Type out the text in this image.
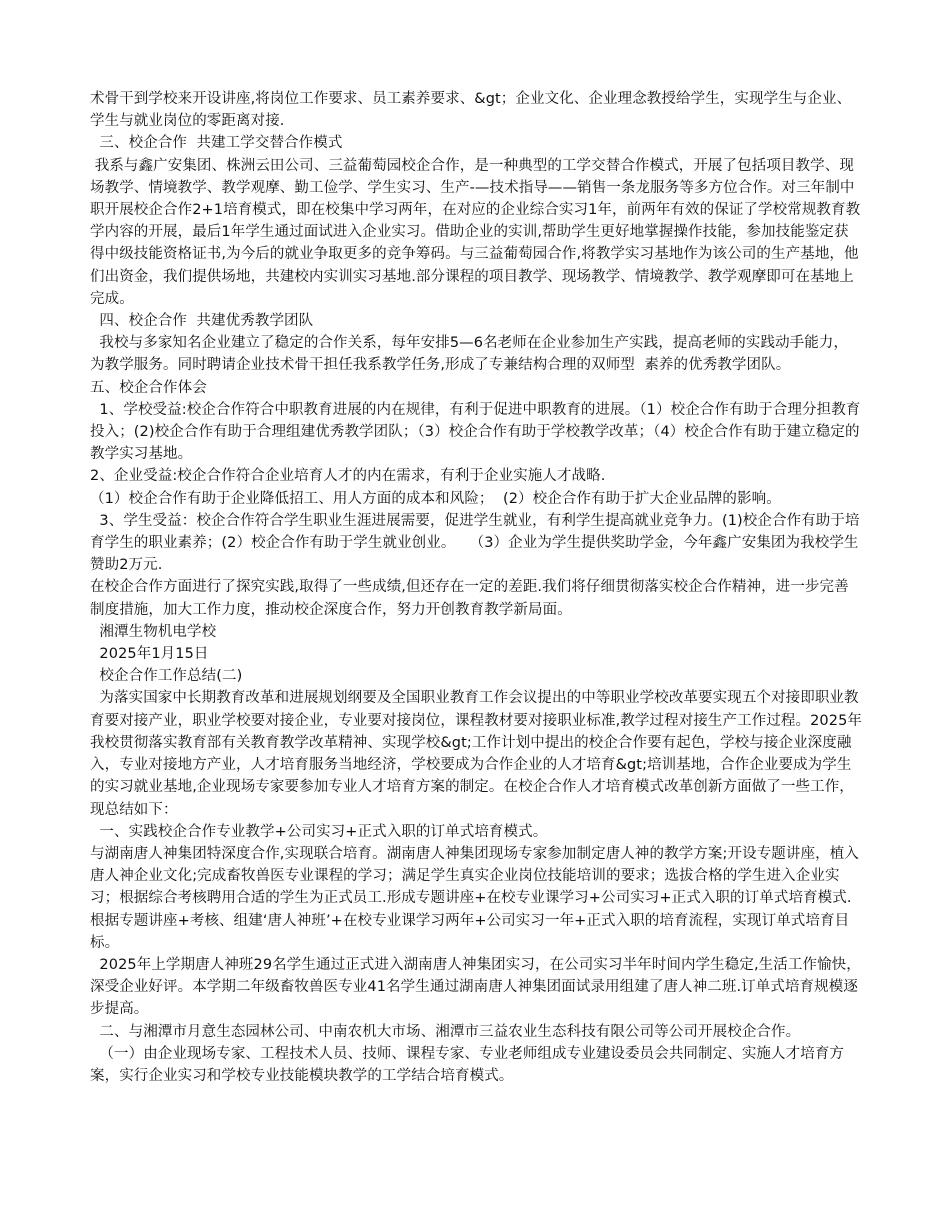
术骨干到学校来开设讲座,将岗位工作要求、员工素养要求、&gt；企业文化、企业理念教授给学生，实现学生与企业、学生与就业岗位的零距离对接.

三、校企合作  共建工学交替合作模式

我系与鑫广安集团、株洲云田公司、三益葡萄园校企合作，是一种典型的工学交替合作模式，开展了包括项目教学、现场教学、情境教学、教学观摩、勤工俭学、学生实习、生产-—技术指导——销售一条龙服务等多方位合作。对三年制中职开展校企合作2+1培育模式，即在校集中学习两年，在对应的企业综合实习1年，前两年有效的保证了学校常规教育教学内容的开展，最后1年学生通过面试进入企业实习。借助企业的实训,帮助学生更好地掌握操作技能，参加技能鉴定获得中级技能资格证书,为今后的就业争取更多的竞争筹码。与三益葡萄园合作,将教学实习基地作为该公司的生产基地，他们出资金，我们提供场地，共建校内实训实习基地.部分课程的项目教学、现场教学、情境教学、教学观摩即可在基地上完成。

四、校企合作  共建优秀教学团队

我校与多家知名企业建立了稳定的合作关系，每年安排5—6名老师在企业参加生产实践，提高老师的实践动手能力，为教学服务。同时聘请企业技术骨干担任我系教学任务,形成了专兼结构合理的双师型  素养的优秀教学团队。

五、校企合作体会

1、学校受益:校企合作符合中职教育进展的内在规律，有利于促进中职教育的进展。（1）校企合作有助于合理分担教育投入；(2)校企合作有助于合理组建优秀教学团队；（3）校企合作有助于学校教学改革；（4）校企合作有助于建立稳定的教学实习基地。

2、企业受益:校企合作符合企业培育人才的内在需求，有利于企业实施人才战略.

（1）校企合作有助于企业降低招工、用人方面的成本和风险；  (2）校企合作有助于扩大企业品牌的影响。

3、学生受益：校企合作符合学生职业生涯进展需要，促进学生就业，有利学生提高就业竞争力。(1)校企合作有助于培育学生的职业素养；(2）校企合作有助于学生就业创业。   （3）企业为学生提供奖助学金，今年鑫广安集团为我校学生赞助2万元.

在校企合作方面进行了探究实践,取得了一些成绩,但还存在一定的差距.我们将仔细贯彻落实校企合作精神，进一步完善制度措施，加大工作力度，推动校企深度合作，努力开创教育教学新局面。

湘潭生物机电学校

2025年1月15日

校企合作工作总结(二)

为落实国家中长期教育改革和进展规划纲要及全国职业教育工作会议提出的中等职业学校改革要实现五个对接即职业教育要对接产业，职业学校要对接企业，专业要对接岗位，课程教材要对接职业标准,教学过程对接生产工作过程。2025年我校贯彻落实教育部有关教育教学改革精神、实现学校&gt;工作计划中提出的校企合作要有起色，学校与接企业深度融入，专业对接地方产业，人才培育服务当地经济，学校要成为合作企业的人才培育&gt;培训基地，合作企业要成为学生的实习就业基地,企业现场专家要参加专业人才培育方案的制定。在校企合作人才培育模式改革创新方面做了一些工作，现总结如下：

一、实践校企合作专业教学+公司实习+正式入职的订单式培育模式。

与湖南唐人神集团特深度合作,实现联合培育。湖南唐人神集团现场专家参加制定唐人神的教学方案;开设专题讲座，植入唐人神企业文化;完成畜牧兽医专业课程的学习；满足学生真实企业岗位技能培训的要求；选拔合格的学生进入企业实习；根据综合考核聘用合适的学生为正式员工.形成专题讲座+在校专业课学习+公司实习+正式入职的订单式培育模式.根据专题讲座+考核、组建‘唐人神班’+在校专业课学习两年+公司实习一年+正式入职的培育流程，实现订单式培育目标。

2025年上学期唐人神班29名学生通过正式进入湖南唐人神集团实习，在公司实习半年时间内学生稳定,生活工作愉快，深受企业好评。本学期二年级畜牧兽医专业41名学生通过湖南唐人神集团面试录用组建了唐人神二班.订单式培育规模逐步提高。

二、与湘潭市月意生态园林公司、中南农机大市场、湘潭市三益农业生态科技有限公司等公司开展校企合作。

（一）由企业现场专家、工程技术人员、技师、课程专家、专业老师组成专业建设委员会共同制定、实施人才培育方案，实行企业实习和学校专业技能模块教学的工学结合培育模式。
